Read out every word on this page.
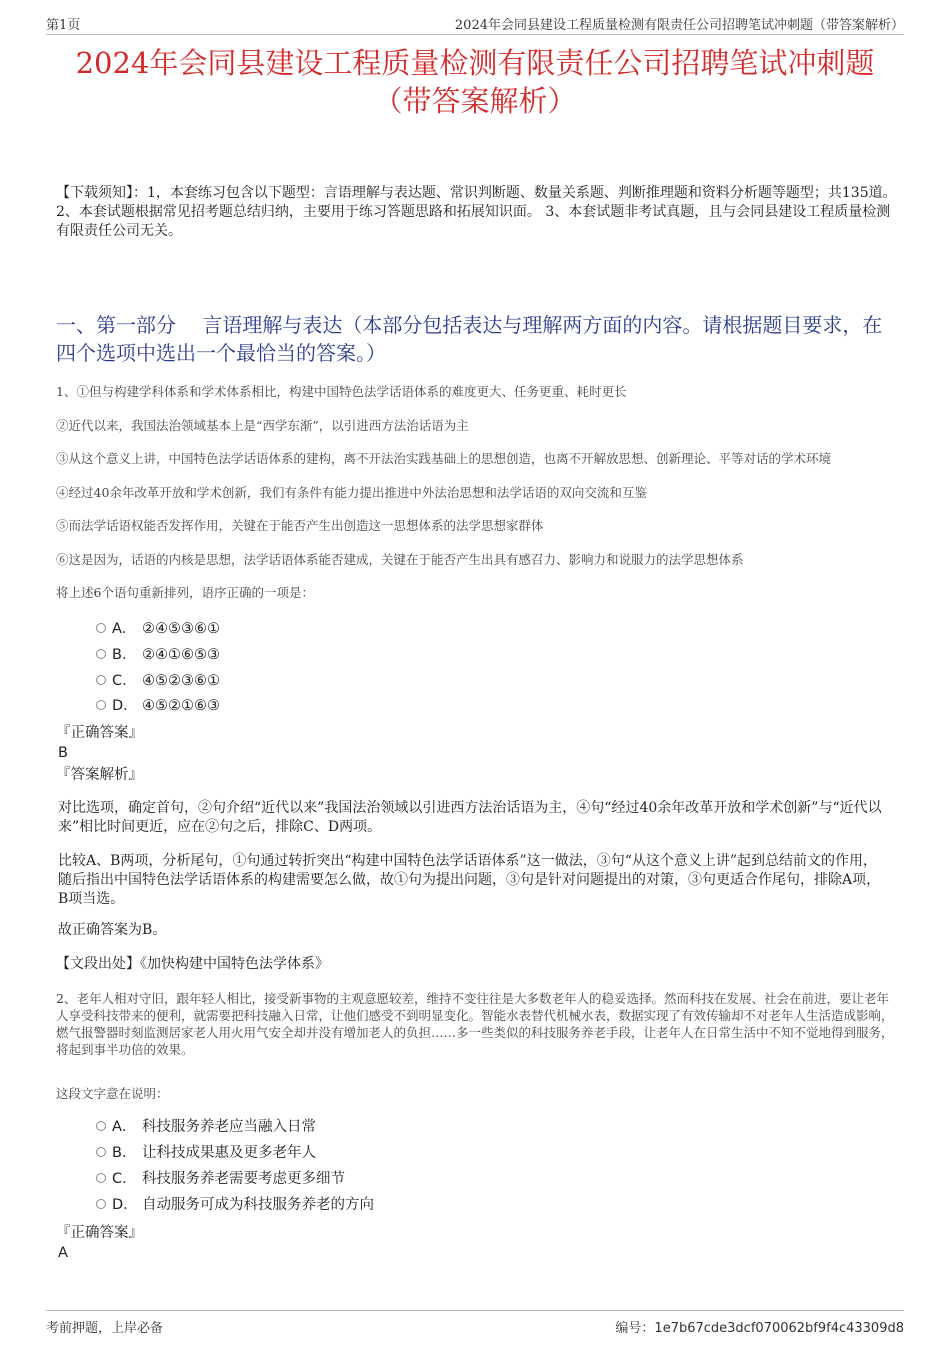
第1页	2024年会同县建设工程质量检测有限责任公司招聘笔试冲刺题（带答案解析）
2024年会同县建设工程质量检测有限责任公司招聘笔试冲刺题
（带答案解析）

【下载须知】：1，本套练习包含以下题型：言语理解与表达题、常识判断题、数量关系题、判断推理题和资料分析题等题型；共135道。 2、本套试题根据常见招考题总结归纳，主要用于练习答题思路和拓展知识面。 3、本套试题非考试真题，且与会同县建设工程质量检测有限责任公司无关。

一、第一部分　 言语理解与表达（本部分包括表达与理解两方面的内容。请根据题目要求，在四个选项中选出一个最恰当的答案。）

1、①但与构建学科体系和学术体系相比，构建中国特色法学话语体系的难度更大、任务更重、耗时更长

②近代以来，我国法治领域基本上是“西学东渐”，以引进西方法治话语为主

③从这个意义上讲，中国特色法学话语体系的建构，离不开法治实践基础上的思想创造，也离不开解放思想、创新理论、平等对话的学术环境

④经过40余年改革开放和学术创新，我们有条件有能力提出推进中外法治思想和法学话语的双向交流和互鉴

⑤而法学话语权能否发挥作用，关键在于能否产生出创造这一思想体系的法学思想家群体

⑥这是因为，话语的内核是思想，法学话语体系能否建成，关键在于能否产生出具有感召力、影响力和说服力的法学思想体系

将上述6个语句重新排列，语序正确的一项是：

A． ②④⑤③⑥①
B． ②④①⑥⑤③
C． ④⑤②③⑥①
D． ④⑤②①⑥③

『正确答案』

B

『答案解析』

对比选项，确定首句，②句介绍“近代以来”我国法治领域以引进西方法治话语为主，④句“经过40余年改革开放和学术创新”与“近代以来”相比时间更近，应在②句之后，排除C、D两项。

比较A、B两项，分析尾句，①句通过转折突出“构建中国特色法学话语体系”这一做法，③句“从这个意义上讲”起到总结前文的作用，随后指出中国特色法学话语体系的构建需要怎么做，故①句为提出问题，③句是针对问题提出的对策，③句更适合作尾句，排除A项，B项当选。

故正确答案为B。

【文段出处】《加快构建中国特色法学体系》

2、老年人相对守旧，跟年轻人相比，接受新事物的主观意愿较差，维持不变往往是大多数老年人的稳妥选择。然而科技在发展、社会在前进，要让老年人享受科技带来的便利，就需要把科技融入日常，让他们感受不到明显变化。智能水表替代机械水表，数据实现了有效传输却不对老年人生活造成影响，燃气报警器时刻监测居家老人用火用气安全却并没有增加老人的负担……多一些类似的科技服务养老手段，让老年人在日常生活中不知不觉地得到服务，将起到事半功倍的效果。

这段文字意在说明：

A． 科技服务养老应当融入日常
B． 让科技成果惠及更多老年人
C． 科技服务养老需要考虑更多细节
D． 自动服务可成为科技服务养老的方向

『正确答案』

A
考前押题，上岸必备	编号：1e7b67cde3dcf070062bf9f4c43309d8
